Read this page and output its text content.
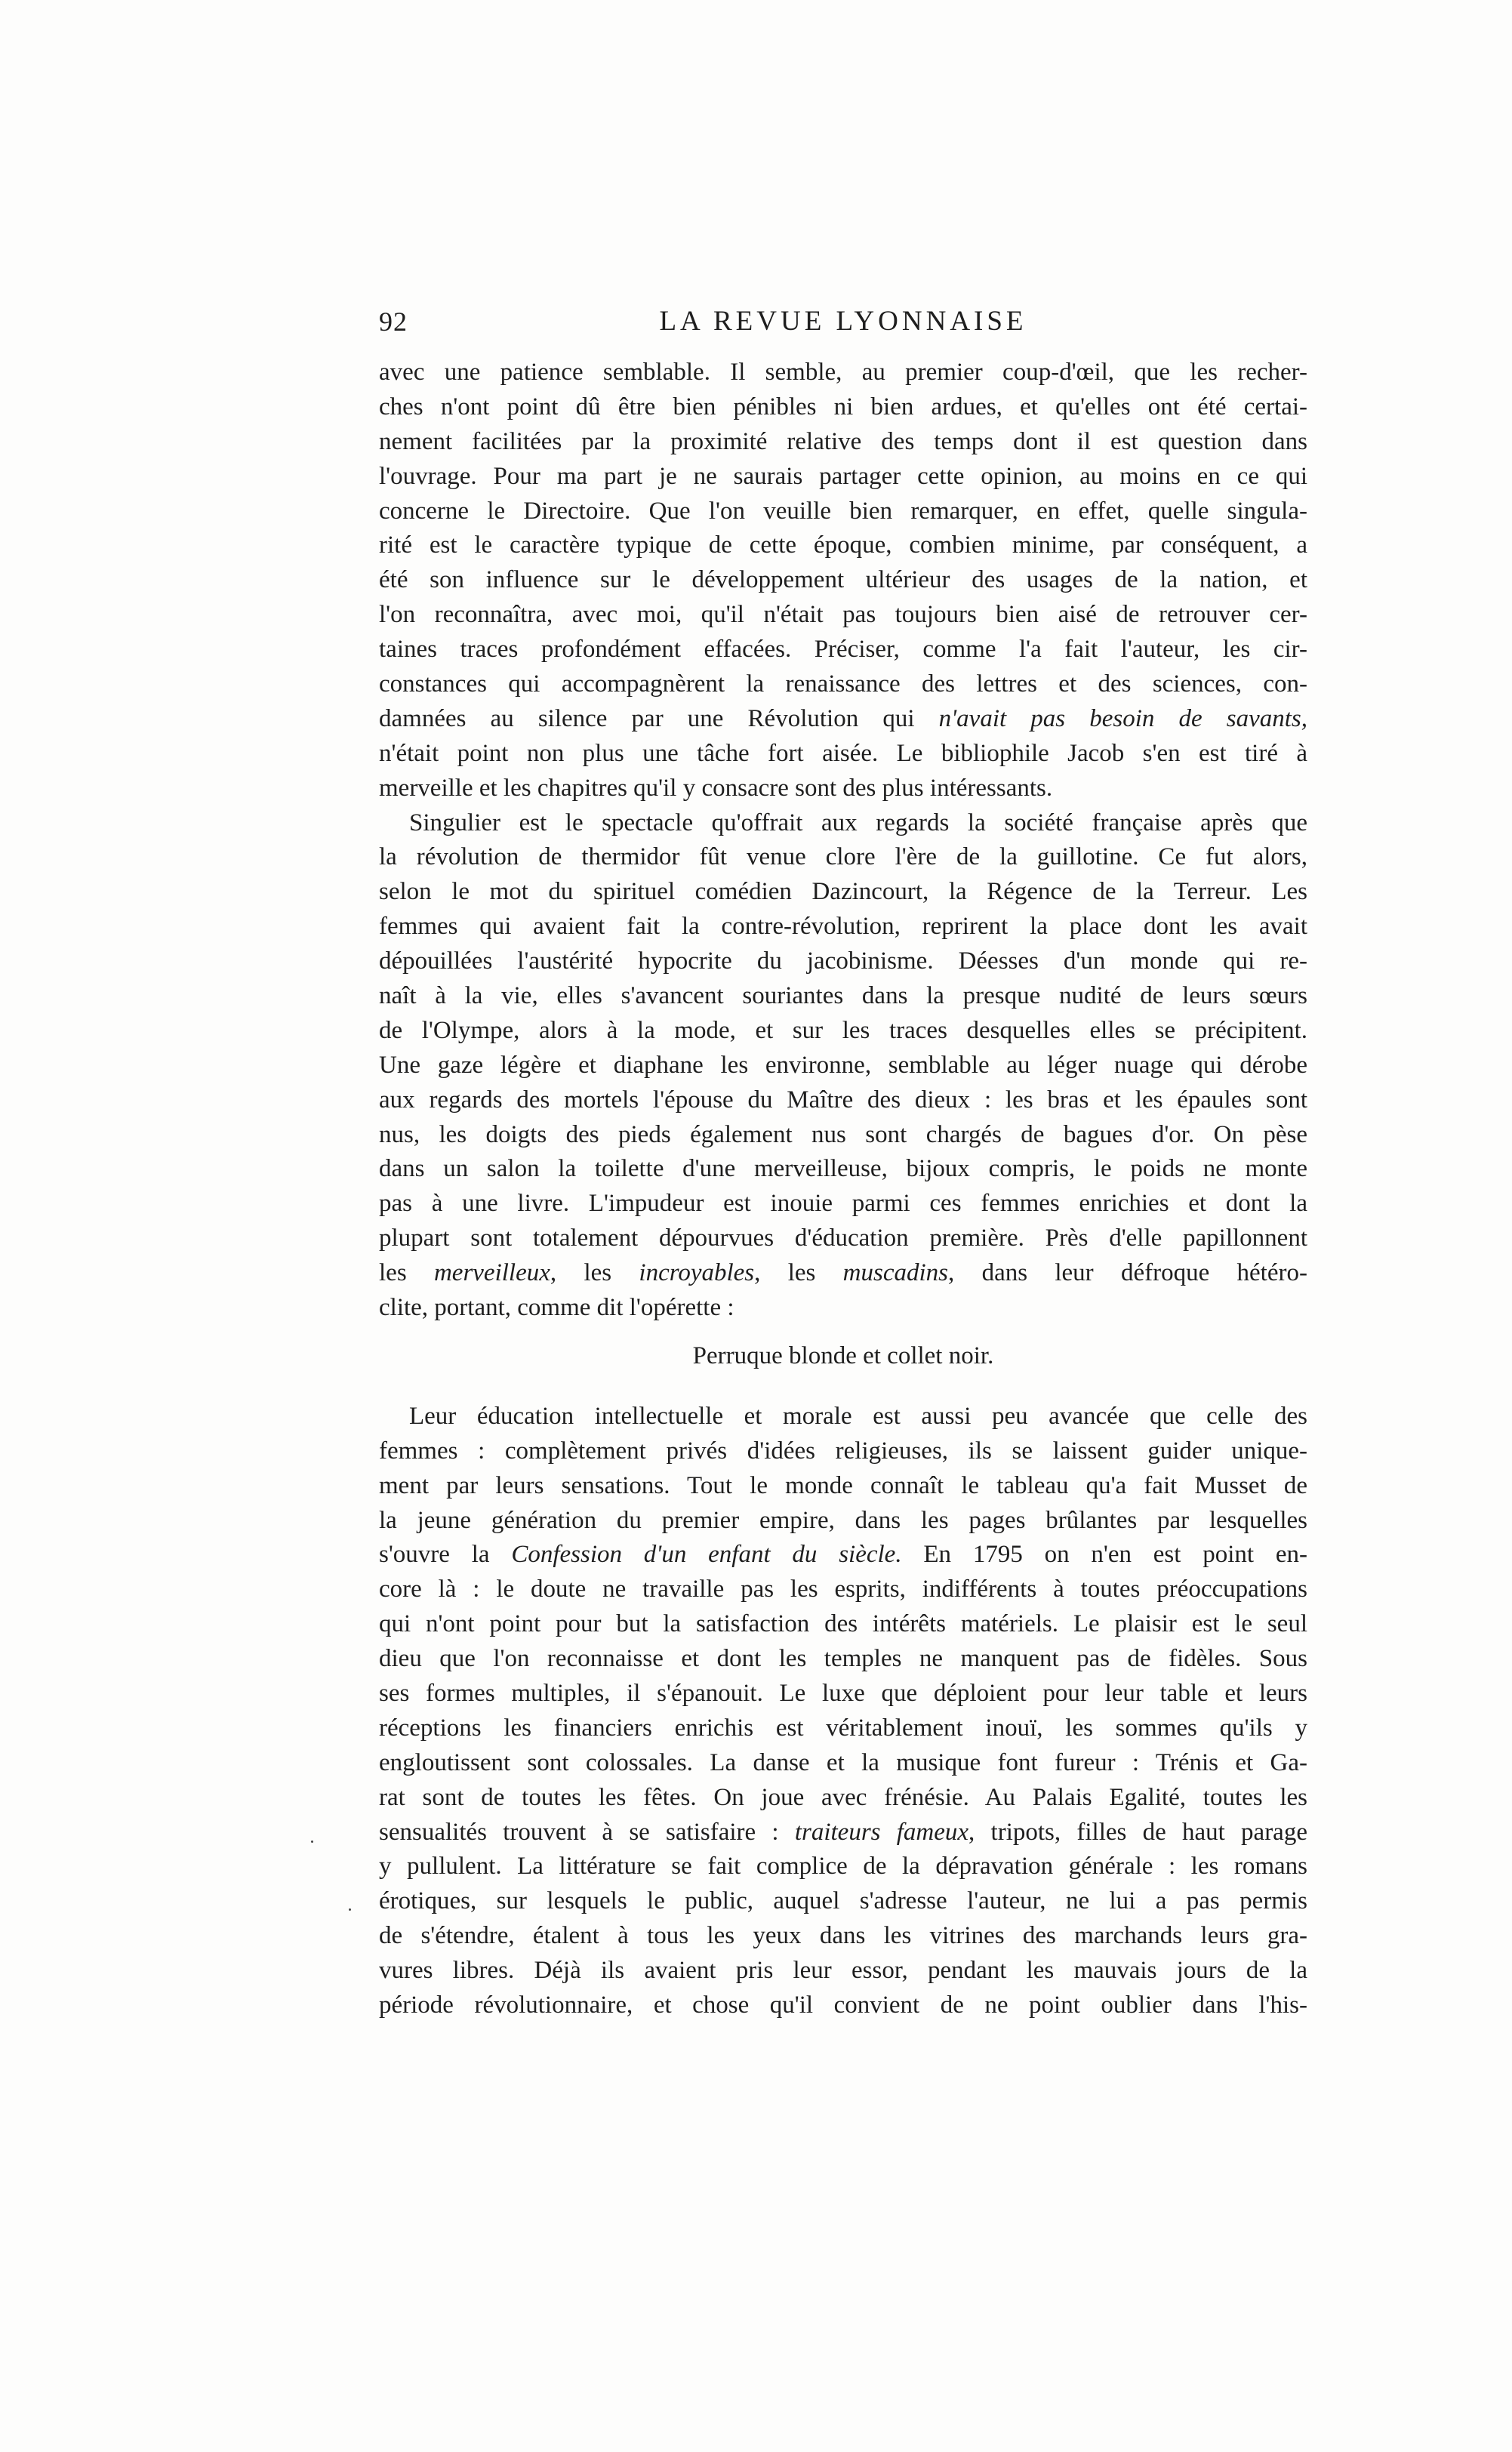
92	LA REVUE LYONNAISE
avec une patience semblable. Il semble, au premier coup-d'œil, que les recher-
ches n'ont point dû être bien pénibles ni bien ardues, et qu'elles ont été certai-
nement facilitées par la proximité relative des temps dont il est question dans
l'ouvrage. Pour ma part je ne saurais partager cette opinion, au moins en ce qui
concerne le Directoire. Que l'on veuille bien remarquer, en effet, quelle singula-
rité est le caractère typique de cette époque, combien minime, par conséquent, a
été son influence sur le développement ultérieur des usages de la nation, et
l'on reconnaîtra, avec moi, qu'il n'était pas toujours bien aisé de retrouver cer-
taines traces profondément effacées. Préciser, comme l'a fait l'auteur, les cir-
constances qui accompagnèrent la renaissance des lettres et des sciences, con-
damnées au silence par une Révolution qui n'avait pas besoin de savants,
n'était point non plus une tâche fort aisée. Le bibliophile Jacob s'en est tiré à
merveille et les chapitres qu'il y consacre sont des plus intéressants.
Singulier est le spectacle qu'offrait aux regards la société française après que
la révolution de thermidor fût venue clore l'ère de la guillotine. Ce fut alors,
selon le mot du spirituel comédien Dazincourt, la Régence de la Terreur. Les
femmes qui avaient fait la contre-révolution, reprirent la place dont les avait
dépouillées l'austérité hypocrite du jacobinisme. Déesses d'un monde qui re-
naît à la vie, elles s'avancent souriantes dans la presque nudité de leurs sœurs
de l'Olympe, alors à la mode, et sur les traces desquelles elles se précipitent.
Une gaze légère et diaphane les environne, semblable au léger nuage qui dérobe
aux regards des mortels l'épouse du Maître des dieux : les bras et les épaules sont
nus, les doigts des pieds également nus sont chargés de bagues d'or. On pèse
dans un salon la toilette d'une merveilleuse, bijoux compris, le poids ne monte
pas à une livre. L'impudeur est inouie parmi ces femmes enrichies et dont la
plupart sont totalement dépourvues d'éducation première. Près d'elle papillonnent
les merveilleux, les incroyables, les muscadins, dans leur défroque hétéro-
clite, portant, comme dit l'opérette :
Perruque blonde et collet noir.
Leur éducation intellectuelle et morale est aussi peu avancée que celle des
femmes : complètement privés d'idées religieuses, ils se laissent guider unique-
ment par leurs sensations. Tout le monde connaît le tableau qu'a fait Musset de
la jeune génération du premier empire, dans les pages brûlantes par lesquelles
s'ouvre la Confession d'un enfant du siècle. En 1795 on n'en est point en-
core là : le doute ne travaille pas les esprits, indifférents à toutes préoccupations
qui n'ont point pour but la satisfaction des intérêts matériels. Le plaisir est le seul
dieu que l'on reconnaisse et dont les temples ne manquent pas de fidèles. Sous
ses formes multiples, il s'épanouit. Le luxe que déploient pour leur table et leurs
réceptions les financiers enrichis est véritablement inouï, les sommes qu'ils y
engloutissent sont colossales. La danse et la musique font fureur : Trénis et Ga-
rat sont de toutes les fêtes. On joue avec frénésie. Au Palais Egalité, toutes les
sensualités trouvent à se satisfaire : traiteurs fameux, tripots, filles de haut parage
y pullulent. La littérature se fait complice de la dépravation générale : les romans
érotiques, sur lesquels le public, auquel s'adresse l'auteur, ne lui a pas permis
de s'étendre, étalent à tous les yeux dans les vitrines des marchands leurs gra-
vures libres. Déjà ils avaient pris leur essor, pendant les mauvais jours de la
période révolutionnaire, et chose qu'il convient de ne point oublier dans l'his-
